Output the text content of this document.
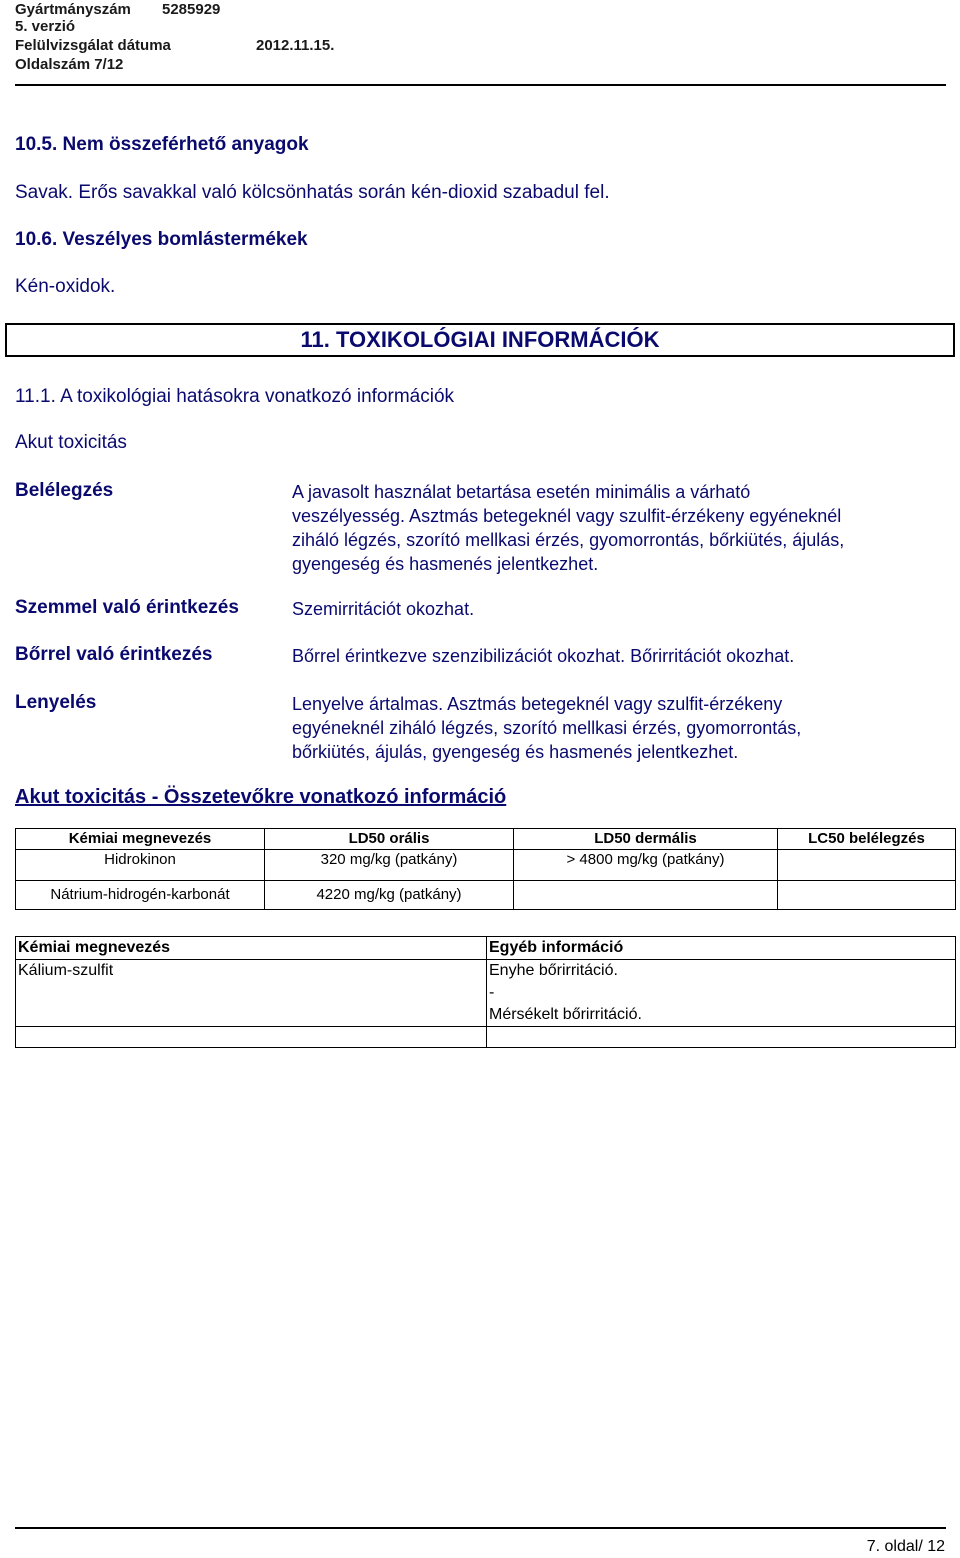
Gyártmányszám 5285929
5. verzió
Felülvizsgálat dátuma	2012.11.15.
Oldalszám 7/12
10.5. Nem összeférhető anyagok
Savak. Erős savakkal való kölcsönhatás során kén-dioxid szabadul fel.
10.6. Veszélyes bomlástermékek
Kén-oxidok.
11. TOXIKOLÓGIAI INFORMÁCIÓK
11.1. A toxikológiai hatásokra vonatkozó információk
Akut toxicitás
Belélegzés	A javasolt használat betartása esetén minimális a várható
veszélyesség. Asztmás betegeknél vagy szulfit-érzékeny egyéneknél
ziháló légzés, szorító mellkasi érzés, gyomorrontás, bőrkiütés, ájulás,
gyengeség és hasmenés jelentkezhet.
Szemmel való érintkezés	Szemirritációt okozhat.
Bőrrel való érintkezés	Bőrrel érintkezve szenzibilizációt okozhat. Bőrirritációt okozhat.
Lenyelés	Lenyelve ártalmas. Asztmás betegeknél vagy szulfit-érzékeny
egyéneknél ziháló légzés, szorító mellkasi érzés, gyomorrontás,
bőrkiütés, ájulás, gyengeség és hasmenés jelentkezhet.
Akut toxicitás - Összetevőkre vonatkozó információ
Kémiai megnevezés	LD50 orális	LD50 dermális	LC50 belélegzés
Hidrokinon	320 mg/kg (patkány)	> 4800 mg/kg (patkány)	
Nátrium-hidrogén-karbonát	4220 mg/kg (patkány)		
Kémiai megnevezés	Egyéb információ
Kálium-szulfit	Enyhe bőrirritáció.
-
Mérsékelt bőrirritáció.

7. oldal/ 12
